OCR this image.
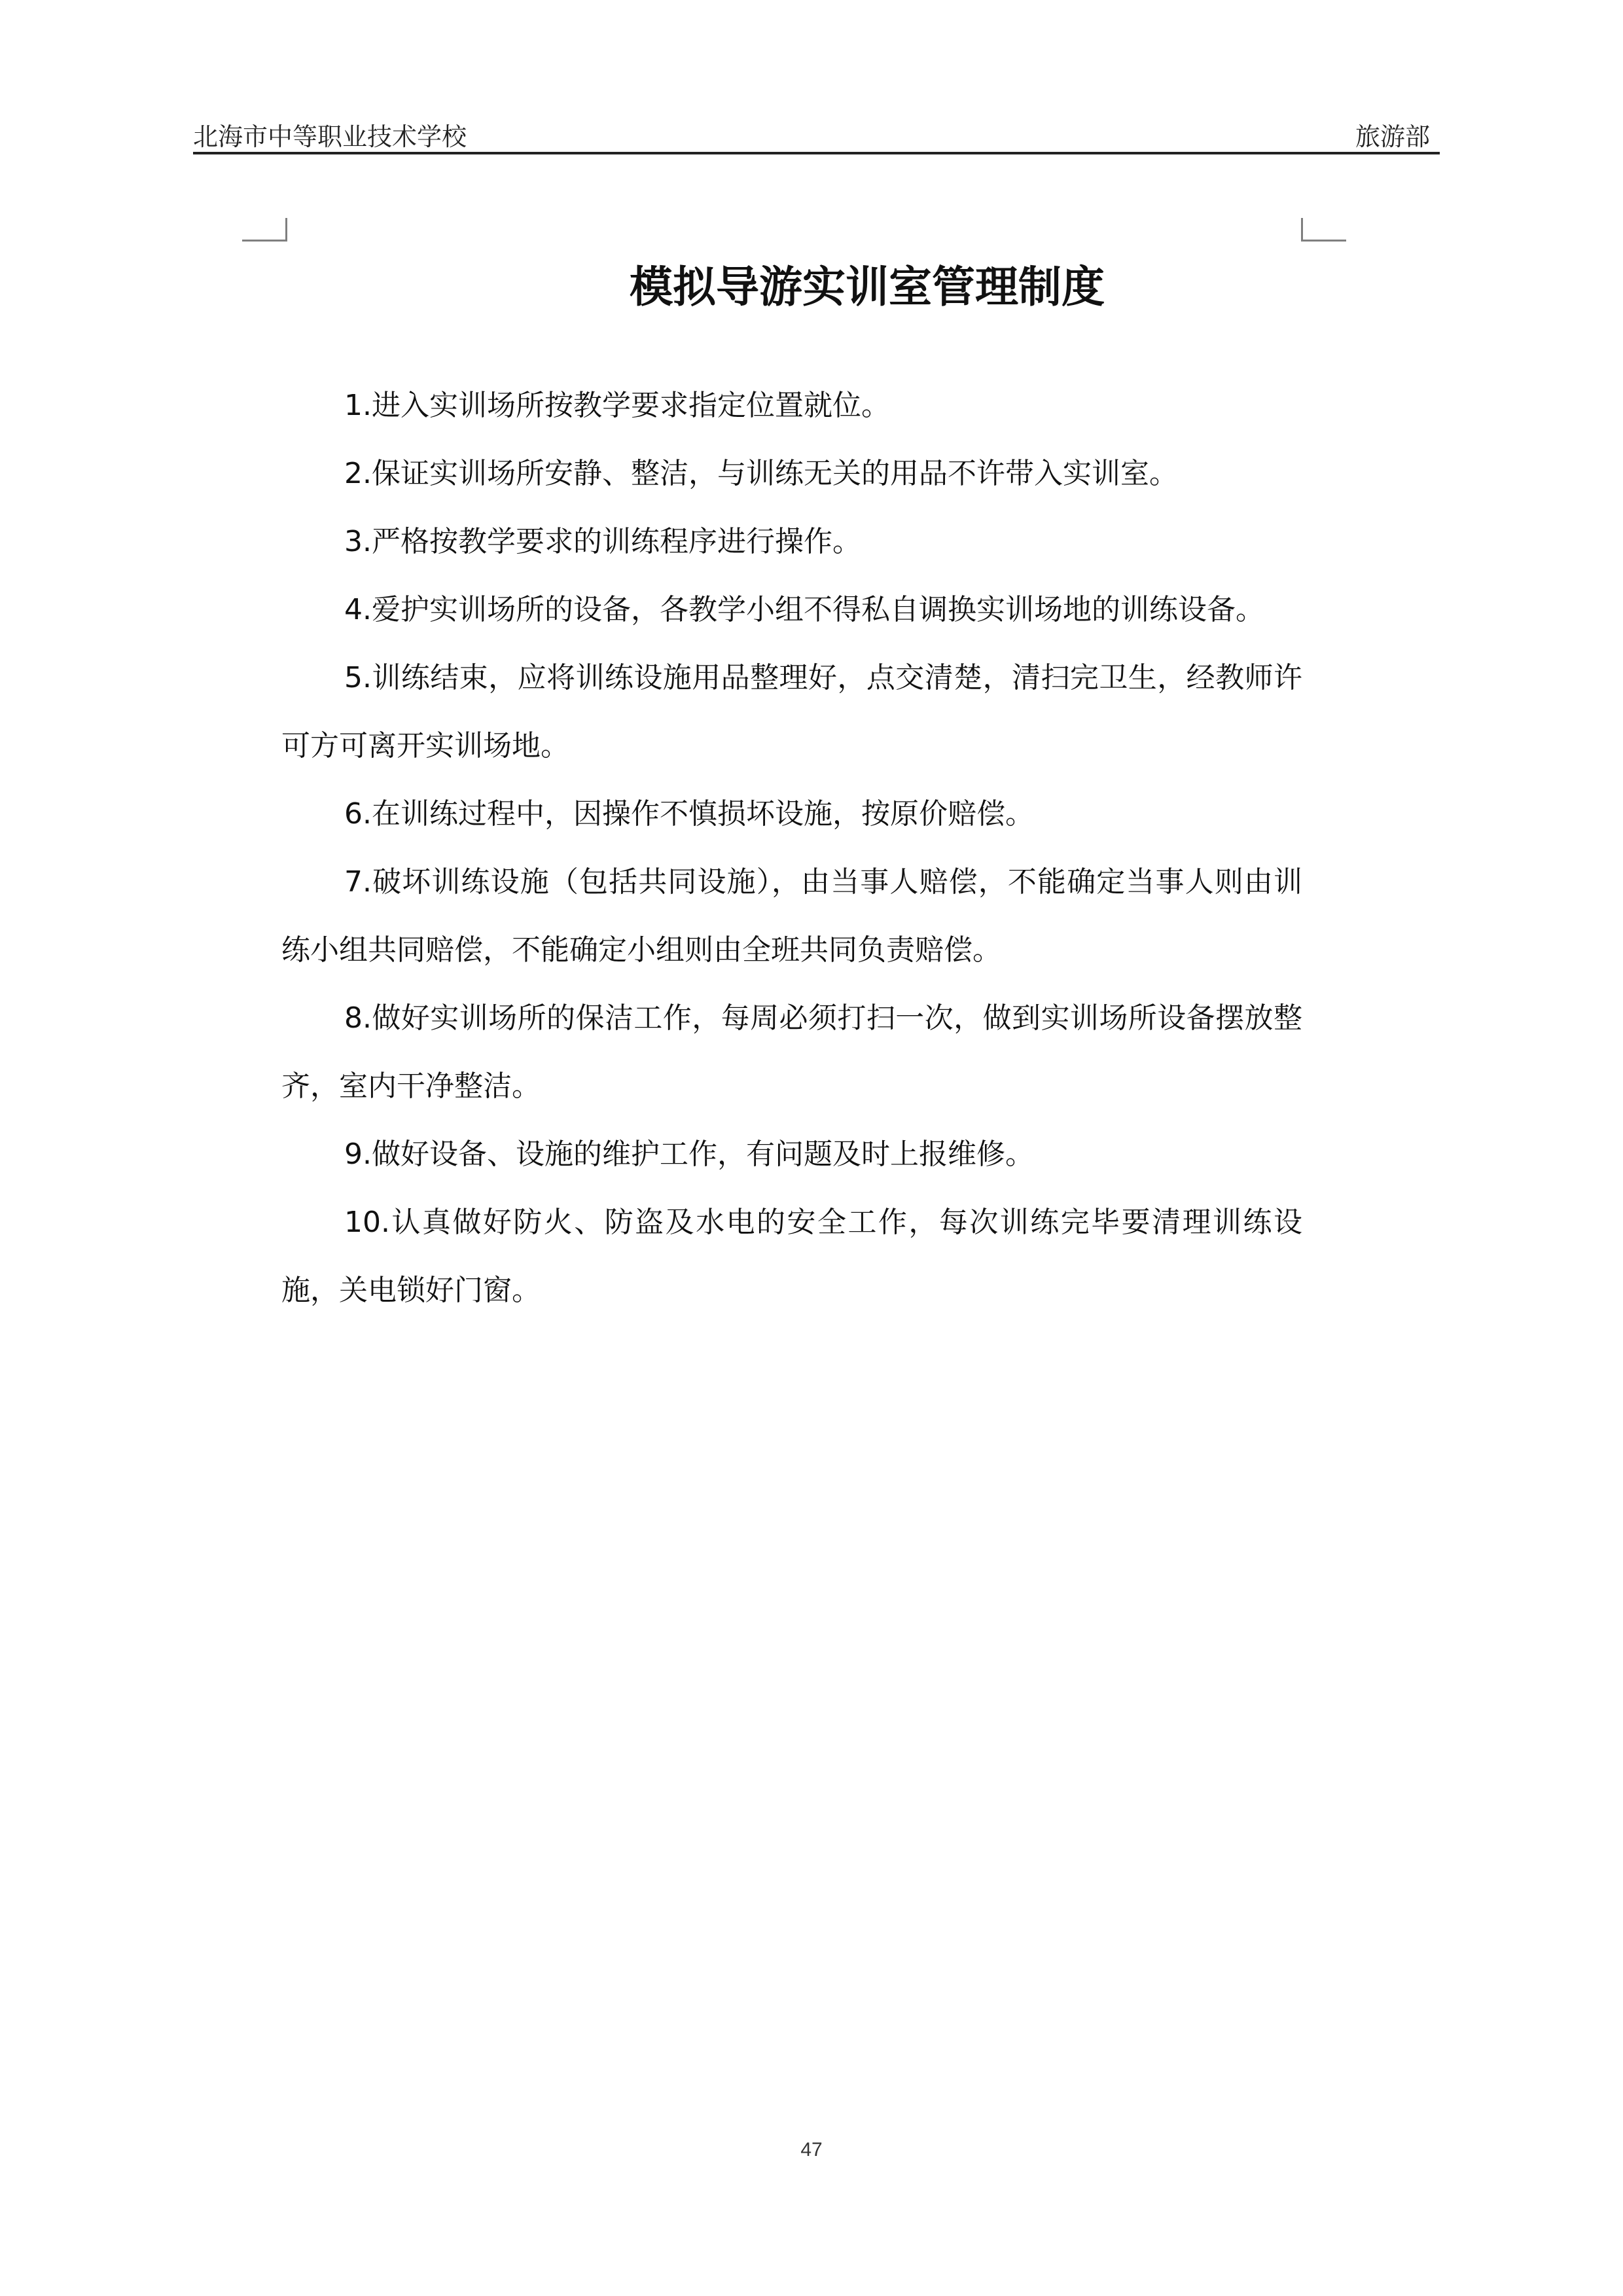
北海市中等职业技术学校	旅游部
模拟导游实训室管理制度

1.进入实训场所按教学要求指定位置就位。

2.保证实训场所安静、整洁，与训练无关的用品不许带入实训室。

3.严格按教学要求的训练程序进行操作。

4.爱护实训场所的设备，各教学小组不得私自调换实训场地的训练设备。

5.训练结束，应将训练设施用品整理好，点交清楚，清扫完卫生，经教师许可方可离开实训场地。

6.在训练过程中，因操作不慎损坏设施，按原价赔偿。

7.破坏训练设施（包括共同设施），由当事人赔偿，不能确定当事人则由训练小组共同赔偿，不能确定小组则由全班共同负责赔偿。

8.做好实训场所的保洁工作，每周必须打扫一次，做到实训场所设备摆放整齐，室内干净整洁。

9.做好设备、设施的维护工作，有问题及时上报维修。

10.认真做好防火、防盗及水电的安全工作，每次训练完毕要清理训练设施，关电锁好门窗。

47
